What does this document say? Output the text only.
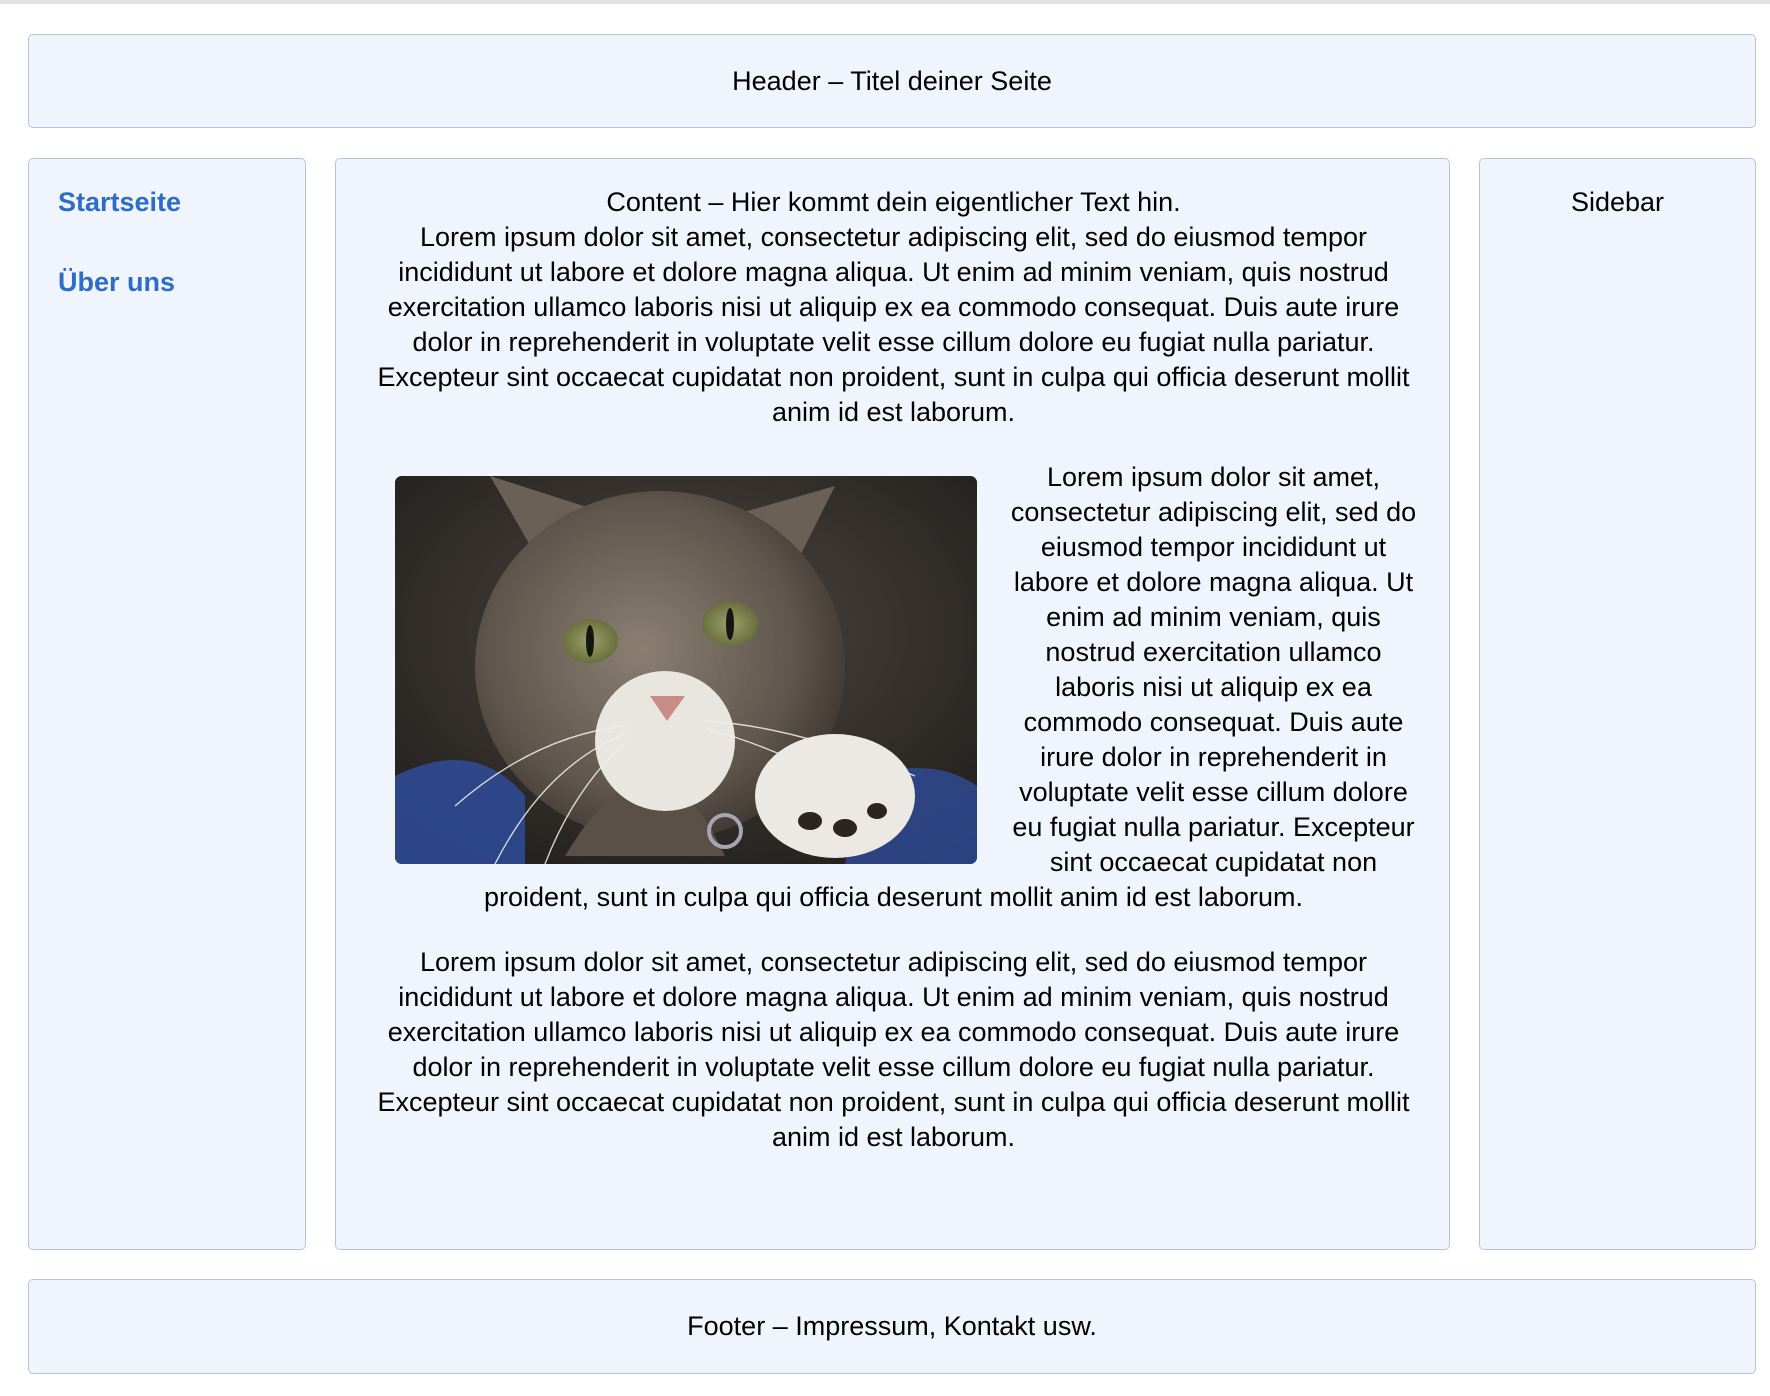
Header – Titel deiner Seite
Startseite
Über uns
Content – Hier kommt dein eigentlicher Text hin.

Lorem ipsum dolor sit amet, consectetur adipiscing elit, sed do eiusmod tempor incididunt ut labore et dolore magna aliqua. Ut enim ad minim veniam, quis nostrud exercitation ullamco laboris nisi ut aliquip ex ea commodo consequat. Duis aute irure dolor in reprehenderit in voluptate velit esse cillum dolore eu fugiat nulla pariatur. Excepteur sint occaecat cupidatat non proident, sunt in culpa qui officia deserunt mollit anim id est laborum.

Lorem ipsum dolor sit amet, consectetur adipiscing elit, sed do eiusmod tempor incididunt ut labore et dolore magna aliqua. Ut enim ad minim veniam, quis nostrud exercitation ullamco laboris nisi ut aliquip ex ea commodo consequat. Duis aute irure dolor in reprehenderit in voluptate velit esse cillum dolore eu fugiat nulla pariatur. Excepteur sint occaecat cupidatat non proident, sunt in culpa qui officia deserunt mollit anim id est laborum.

Lorem ipsum dolor sit amet, consectetur adipiscing elit, sed do eiusmod tempor incididunt ut labore et dolore magna aliqua. Ut enim ad minim veniam, quis nostrud exercitation ullamco laboris nisi ut aliquip ex ea commodo consequat. Duis aute irure dolor in reprehenderit in voluptate velit esse cillum dolore eu fugiat nulla pariatur. Excepteur sint occaecat cupidatat non proident, sunt in culpa qui officia deserunt mollit anim id est laborum.

Sidebar
Footer – Impressum, Kontakt usw.
